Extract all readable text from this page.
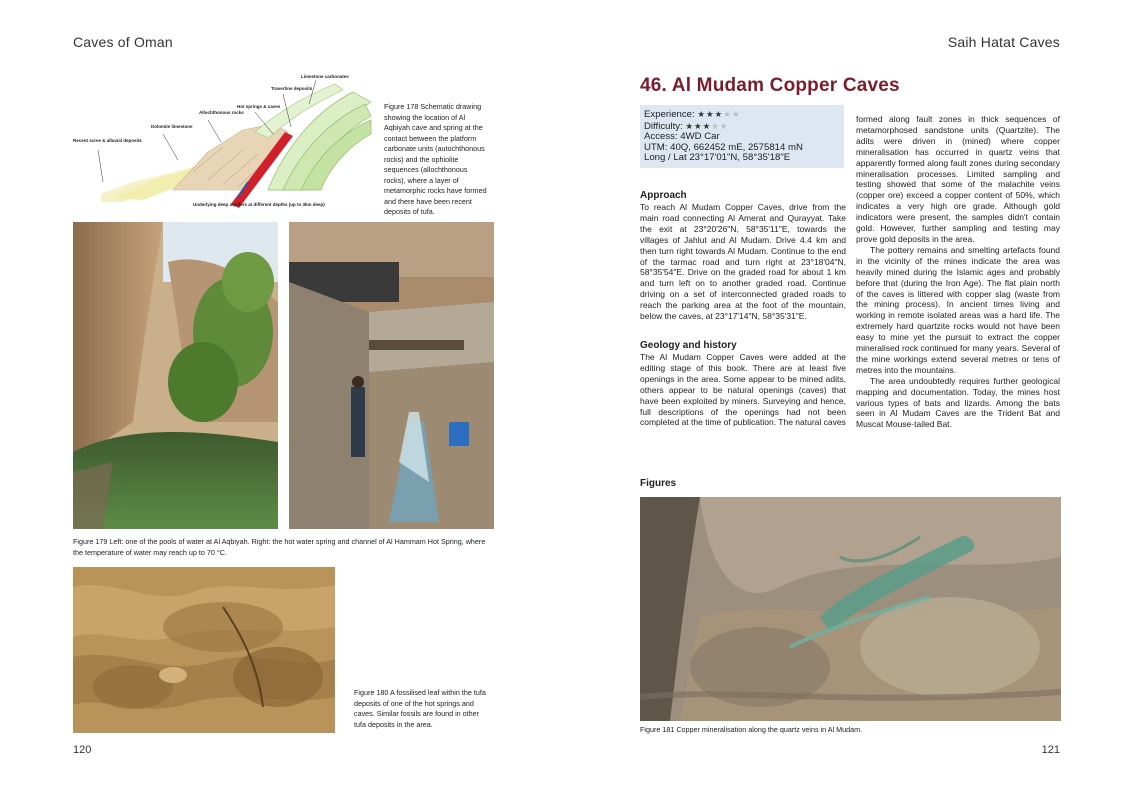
Caves of Oman
Recent scree & alluvial deposits
Dolomite limestone
Allochthonous rocks
Hot springs & caves
Travertine deposits
Limestone carbonates
Underlying deep aquifers at different depths (up to 3km deep)
Figure 178 Schematic drawing showing the location of Al Aqbiyah cave and spring at the contact between the platform carbonate units (autochthonous rocks) and the ophiolite sequences (allochthonous rocks), where a layer of metamorphic rocks have formed and there have been recent deposits of tufa.
Figure 179 Left: one of the pools of water at Al Aqbiyah. Right: the hot water spring and channel of Al Hammam Hot Spring, where the temperature of water may reach up to 70 °C.
Figure 180 A fossilised leaf within the tufa deposits of one of the hot springs and caves. Similar fossils are found in other tufa deposits in the area.
120
Saih Hatat Caves
46. Al Mudam Copper Caves
Experience: ★★★★★
Difficulty: ★★★★★
Access: 4WD Car
UTM: 40Q, 662452 mE, 2575814 mN
Long / Lat 23°17'01"N, 58°35'18"E
Approach

To reach Al Mudam Copper Caves, drive from the main road connecting Al Amerat and Qurayyat. Take the exit at 23°20'26"N, 58°35'11"E, towards the villages of Jahlut and Al Mudam. Drive 4.4 km and then turn right towards Al Mudam. Continue to the end of the tarmac road and turn right at 23°18'04"N, 58°35'54"E. Drive on the graded road for about 1 km and turn left on to another graded road. Continue driving on a set of interconnected graded roads to reach the parking area at the foot of the mountain, below the caves, at 23°17'14"N, 58°35'31"E.

Geology and history

The Al Mudam Copper Caves were added at the editing stage of this book. There are at least five openings in the area. Some appear to be mined adits, others appear to be natural openings (caves) that have been exploited by miners. Surveying and hence, full descriptions of the openings had not been completed at the time of publication. The natural caves

formed along fault zones in thick sequences of metamorphosed sandstone units (Quartzite). The adits were driven in (mined) where copper mineralisation has occurred in quartz veins that apparently formed along fault zones during secondary mineralisation processes. Limited sampling and testing showed that some of the malachite veins (copper ore) exceed a copper content of 50%, which indicates a very high ore grade. Although gold indicators were present, the samples didn't contain gold. However, further sampling and testing may prove gold deposits in the area.

The pottery remains and smelting artefacts found in the vicinity of the mines indicate the area was heavily mined during the Islamic ages and probably before that (during the Iron Age). The flat plain north of the caves is littered with copper slag (waste from the mining process). In ancient times living and working in remote isolated areas was a hard life. The extremely hard quartzite rocks would not have been easy to mine yet the pursuit to extract the copper mineralised rock continued for many years. Several of the mine workings extend several metres or tens of metres into the mountains.

The area undoubtedly requires further geological mapping and documentation. Today, the mines host various types of bats and lizards. Among the bats seen in Al Mudam Caves are the Trident Bat and Muscat Mouse-tailed Bat.

Figures
Figure 181 Copper mineralisation along the quartz veins in Al Mudam.
121
